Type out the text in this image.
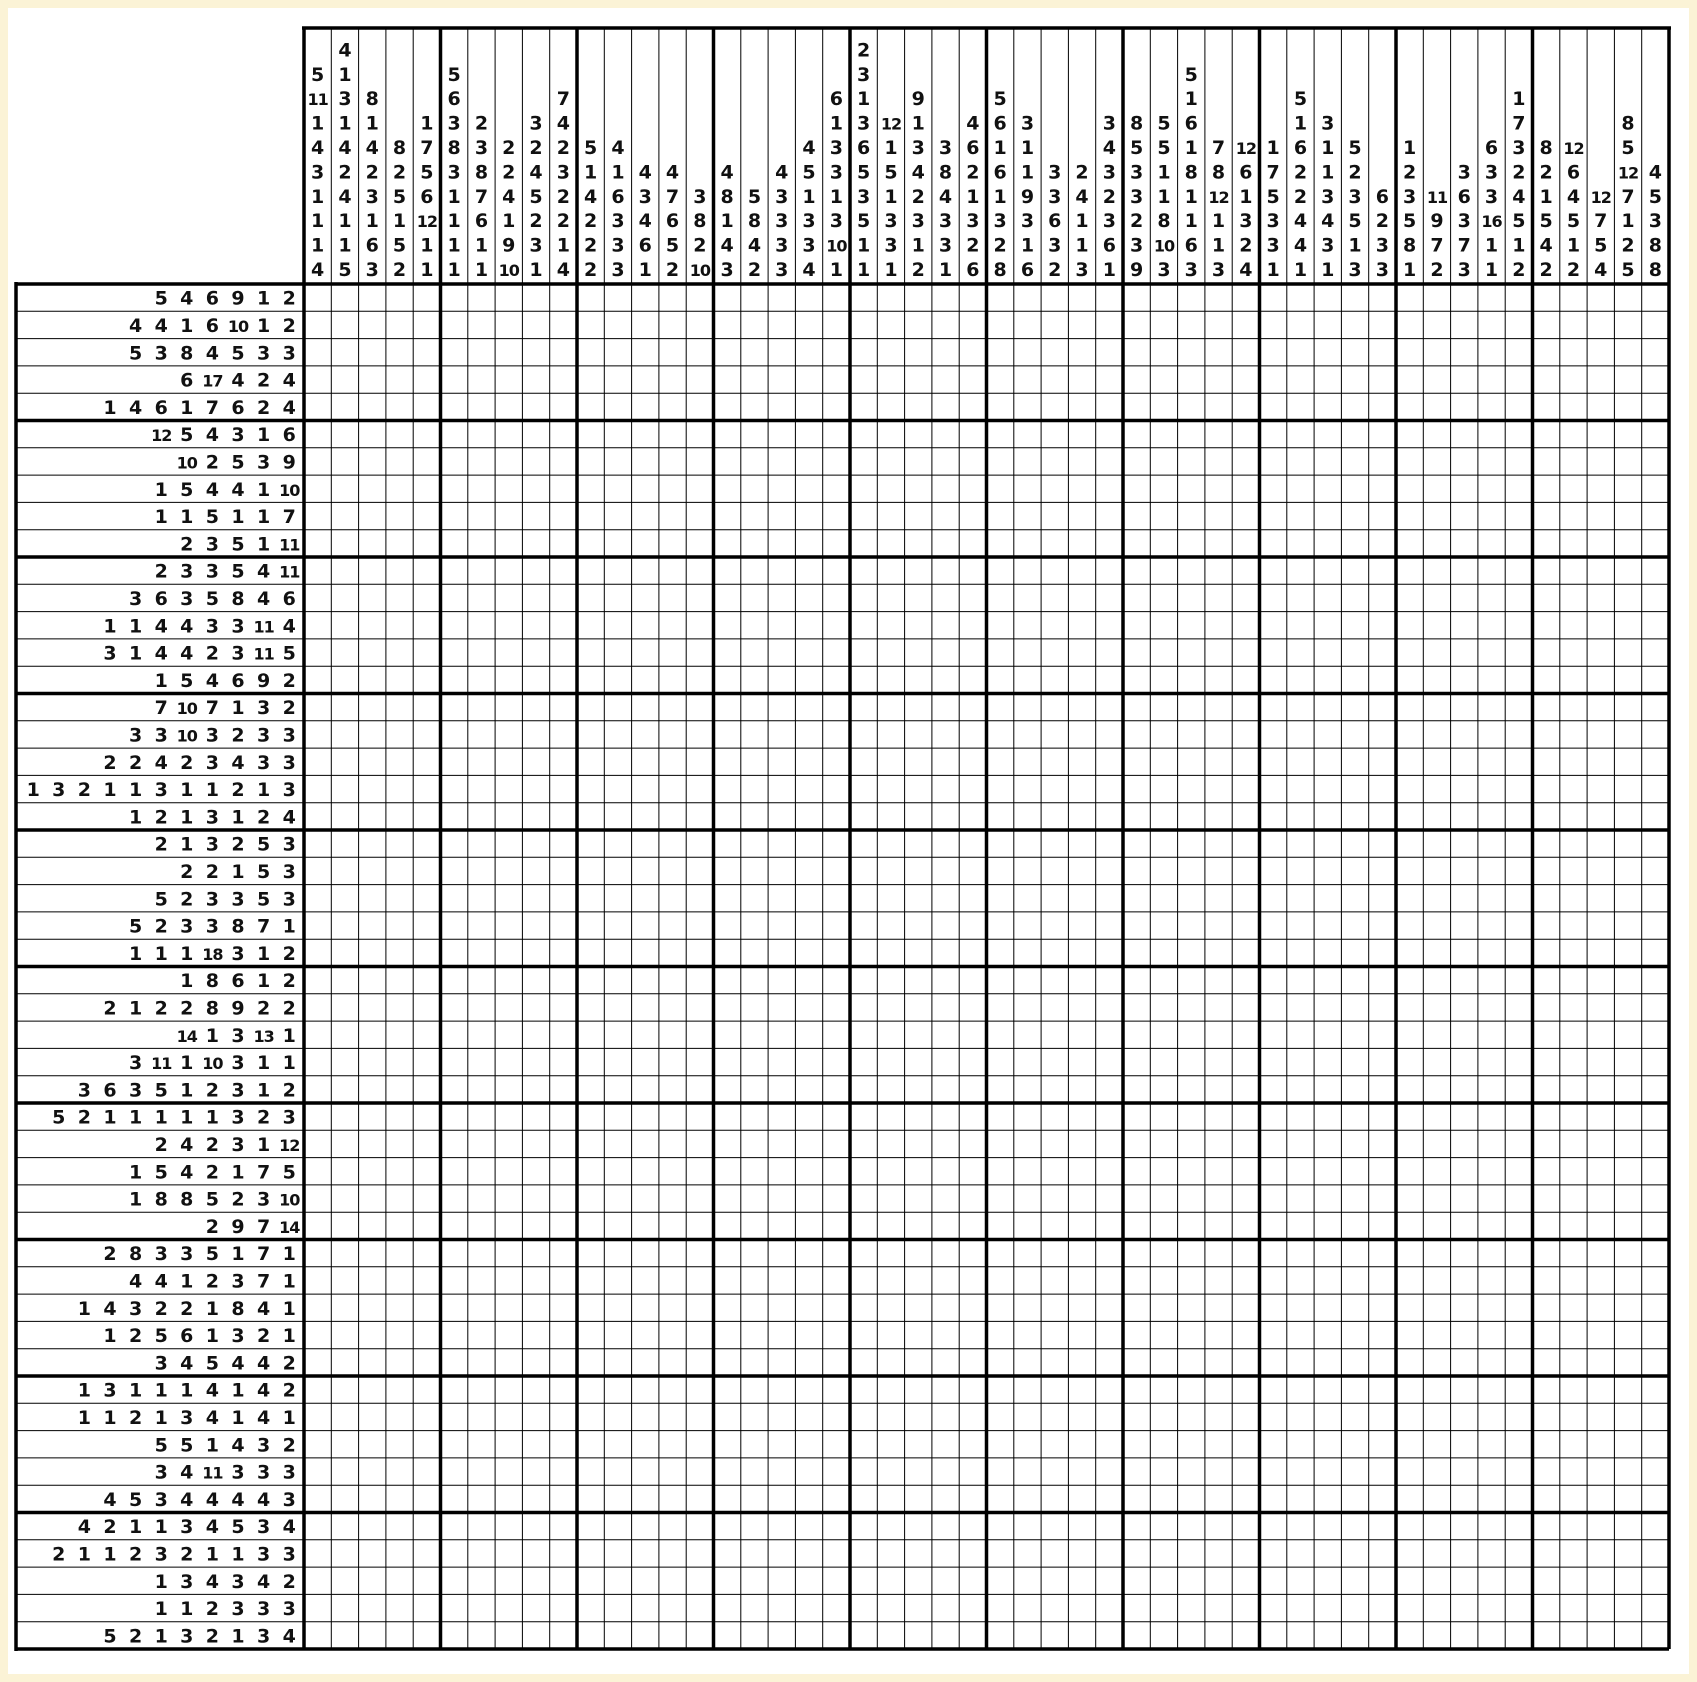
5
11
1
4
3
1
1
1
4
4
1
3
1
4
2
4
1
1
5
8
1
4
2
3
1
6
3
8
2
5
1
5
2
1
7
5
6
12
1
1
5
6
3
8
3
1
1
1
1
2
3
8
7
6
1
1
2
2
4
1
9
10
3
2
4
5
2
3
1
7
4
2
3
2
2
1
4
5
1
4
2
2
2
4
1
6
3
3
3
4
3
4
6
1
4
7
6
5
2
3
8
2
10
4
8
1
4
3
5
8
4
2
4
3
3
3
3
4
5
1
3
3
4
6
1
3
3
1
3
10
1
2
3
1
3
6
5
3
5
1
1
12
1
5
1
3
3
1
9
1
3
4
2
3
1
2
3
8
4
3
3
1
4
6
2
1
3
2
6
5
6
1
6
1
3
2
8
3
1
1
9
3
1
6
3
3
6
3
2
2
4
1
1
3
3
4
3
2
3
6
1
8
5
3
3
2
3
9
5
5
1
1
8
10
3
5
1
6
1
8
1
1
6
3
7
8
12
1
1
3
12
6
1
3
2
4
1
7
5
3
3
1
5
1
6
2
2
4
4
1
3
1
1
3
4
3
1
5
2
3
5
1
3
6
2
3
3
1
2
3
5
8
1
11
9
7
2
3
6
3
7
3
6
3
3
16
1
1
1
7
3
2
4
5
1
2
8
2
1
5
4
2
12
6
4
5
1
2
12
7
5
4
8
5
12
7
1
2
5
4
5
3
8
8
5 4 6 9 1 2
4 4 1 6 10 1 2
5 3 8 4 5 3 3
6 17 4 2 4
1 4 6 1 7 6 2 4
12 5 4 3 1 6
10 2 5 3 9
1 5 4 4 1 10
1 1 5 1 1 7
2 3 5 1 11
2 3 3 5 4 11
3 6 3 5 8 4 6
1 1 4 4 3 3 11 4
3 1 4 4 2 3 11 5
1 5 4 6 9 2
7 10 7 1 3 2
3 3 10 3 2 3 3
2 2 4 2 3 4 3 3
1 3 2 1 1 3 1 1 2 1 3
1 2 1 3 1 2 4
2 1 3 2 5 3
2 2 1 5 3
5 2 3 3 5 3
5 2 3 3 8 7 1
1 1 1 18 3 1 2
1 8 6 1 2
2 1 2 2 8 9 2 2
14 1 3 13 1
3 11 1 10 3 1 1
3 6 3 5 1 2 3 1 2
5 2 1 1 1 1 1 3 2 3
2 4 2 3 1 12
1 5 4 2 1 7 5
1 8 8 5 2 3 10
2 9 7 14
2 8 3 3 5 1 7 1
4 4 1 2 3 7 1
1 4 3 2 2 1 8 4 1
1 2 5 6 1 3 2 1
3 4 5 4 4 2
1 3 1 1 1 4 1 4 2
1 1 2 1 3 4 1 4 1
5 5 1 4 3 2
3 4 11 3 3 3
4 5 3 4 4 4 4 3
4 2 1 1 3 4 5 3 4
2 1 1 2 3 2 1 1 3 3
1 3 4 3 4 2
1 1 2 3 3 3
5 2 1 3 2 1 3 4
